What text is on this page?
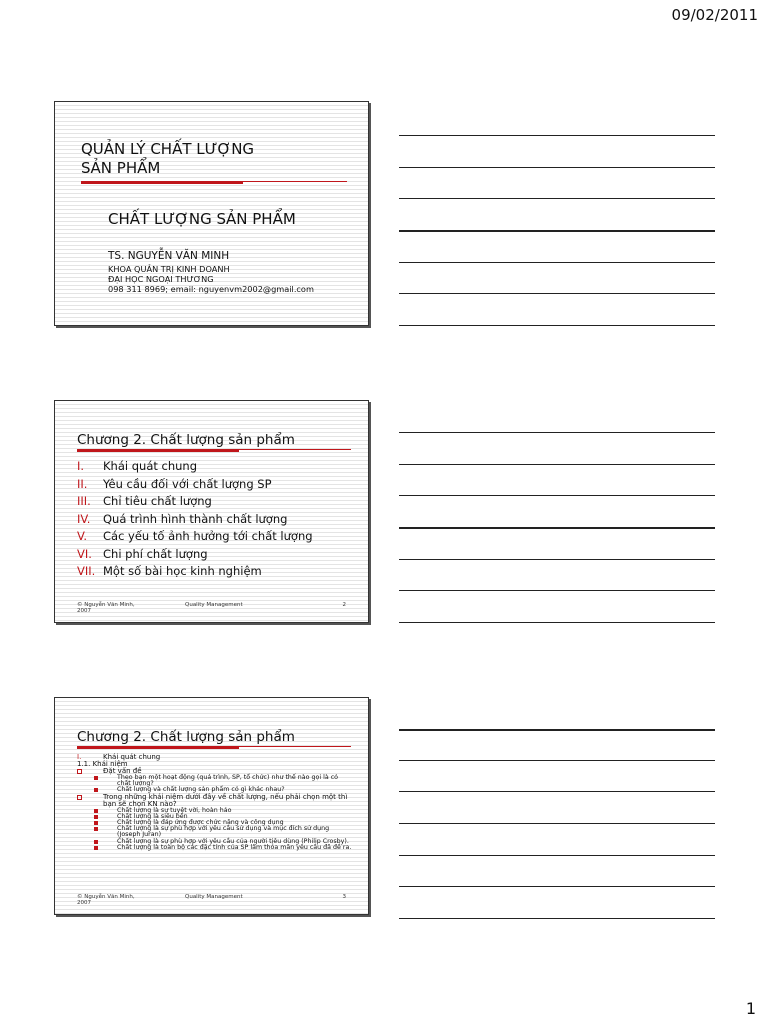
09/02/2011
QUẢN LÝ CHẤT LƯỢNG
SẢN PHẨM
CHẤT LƯỢNG SẢN PHẨM
TS. NGUYỄN VĂN MINH
KHOA QUẢN TRỊ KINH DOANH
ĐẠI HỌC NGOẠI THƯƠNG
098 311 8969; email: nguyenvm2002@gmail.com
Chương 2. Chất lượng sản phẩm
I.	Khái quát chung
II.	Yêu cầu đối với chất lượng SP
III.	Chỉ tiêu chất lượng
IV.	Quá trình hình thành chất lượng
V.	Các yếu tố ảnh hưởng tới chất lượng
VI. Chi phí chất lượng
VII. Một số bài học kinh nghiệm
© Nguyễn Văn Minh, 2007
Quality Management	2
Chương 2. Chất lượng sản phẩm
I.	Khái quát chung
1.1. Khái niệm
Đặt vấn đề
Theo bạn một hoạt động (quá trình, SP, tổ chức) như thế nào gọi là có chất lượng?
Chất lượng và chất lượng sản phẩm có gì khác nhau?
Trong những khái niệm dưới đây về chất lượng, nếu phải chọn một thì bạn sẽ chọn KN nào?
Chất lượng là sự tuyệt vời, hoàn hảo
Chất lượng là siêu bền
Chất lượng là đáp ứng được chức năng và công dụng
Chất lượng là sự phù hợp với yêu cầu sử dụng và mục đích sử dụng (Joseph Juran)
Chất lượng là sự phù hợp với yêu cầu của người tiêu dùng (Philip Crosby).
Chất lượng là toàn bộ các đặc tính của SP làm thỏa mãn yêu cầu đã đề ra.
© Nguyễn Văn Minh, 2007
Quality Management	3
1
